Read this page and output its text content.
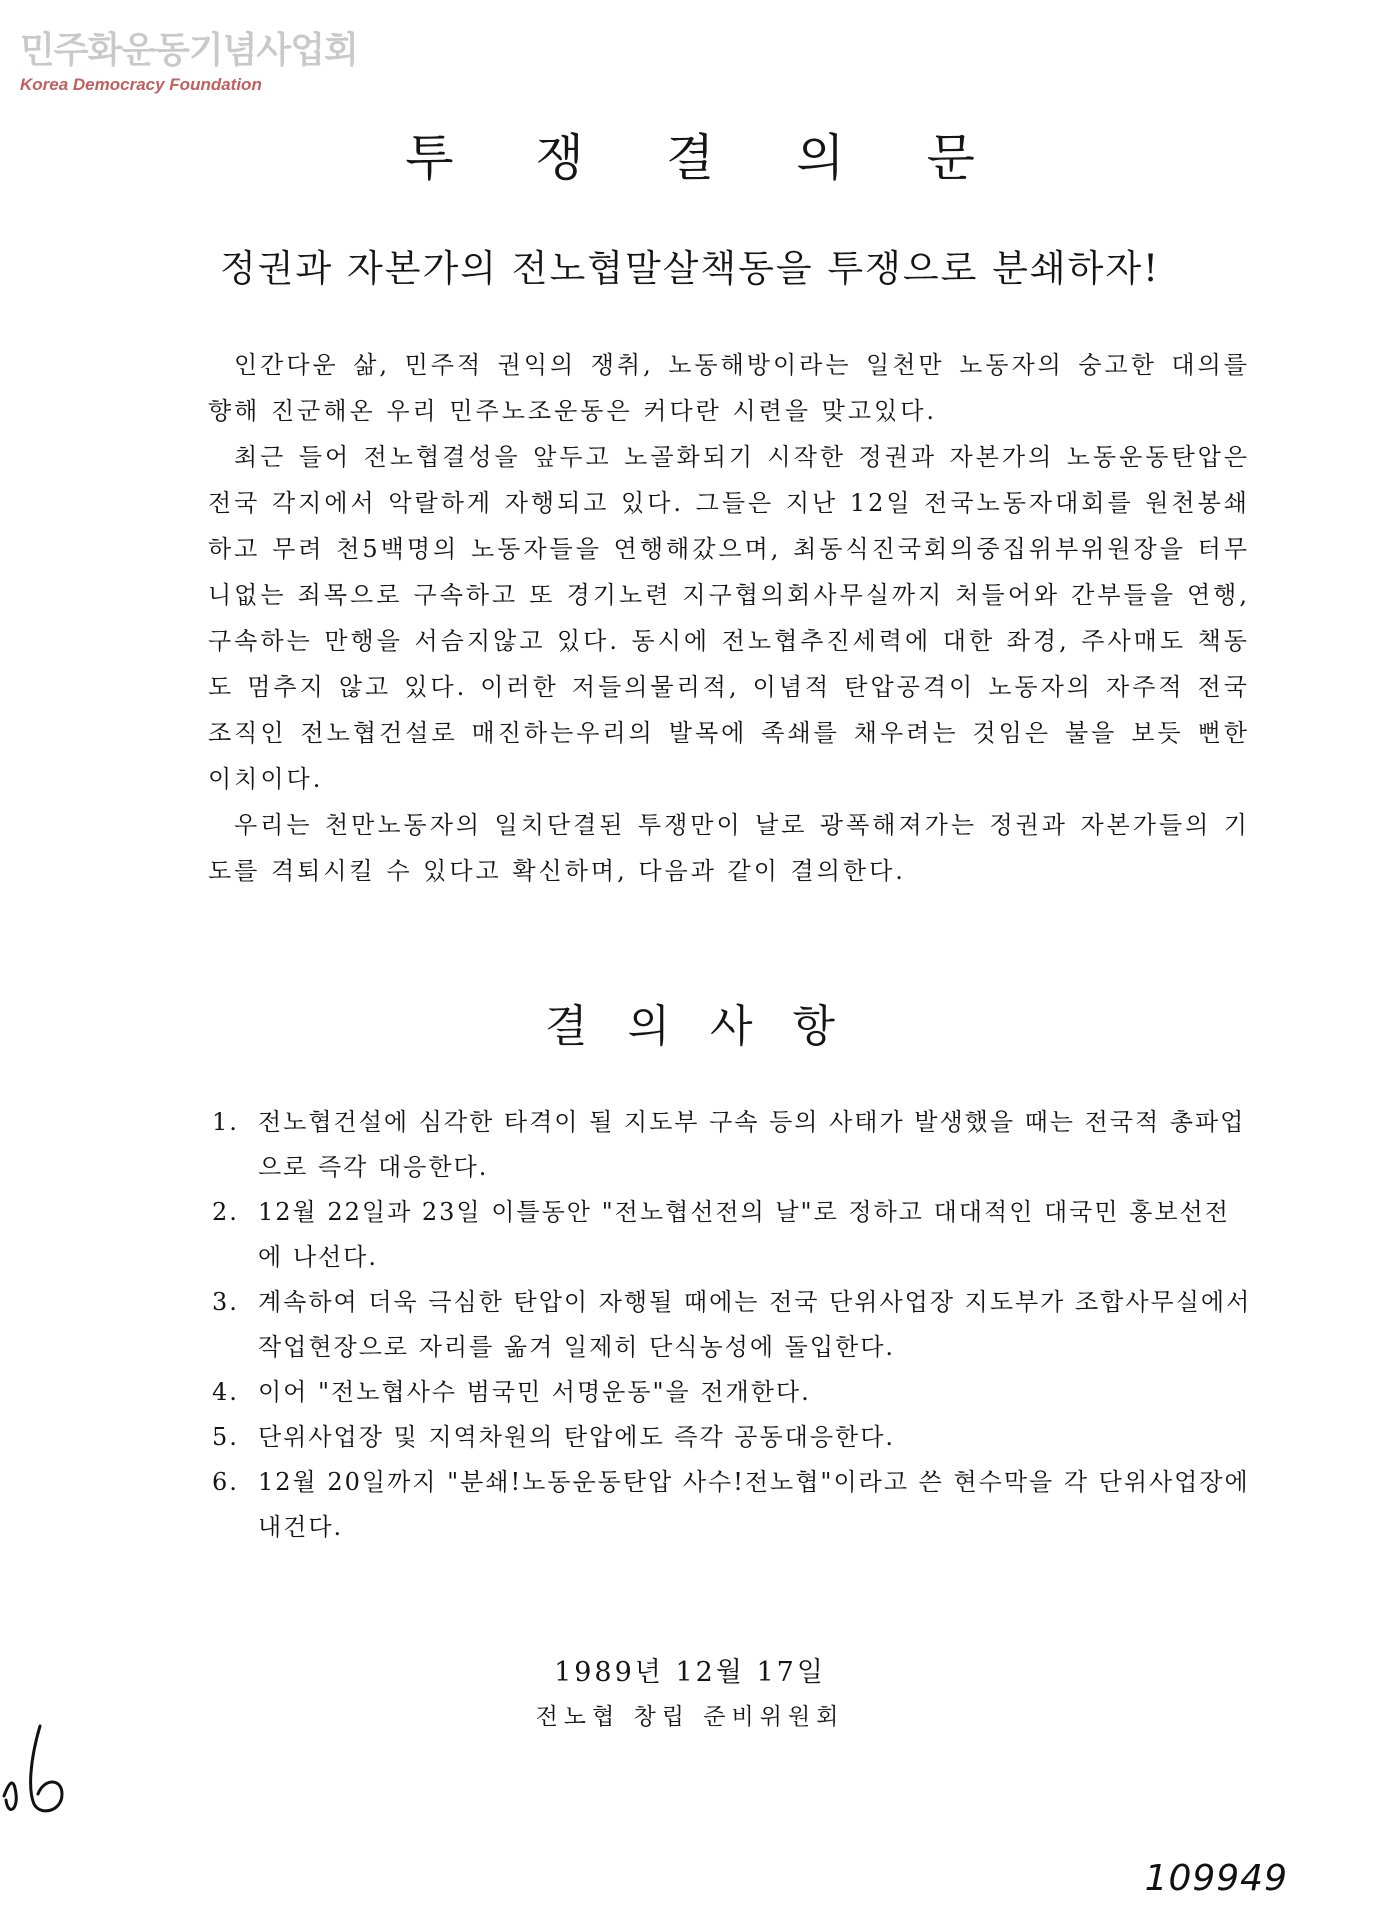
민주화운동기념사업회
Korea Democracy Foundation
투쟁결의문
정권과 자본가의 전노협말살책동을 투쟁으로 분쇄하자!

인간다운 삶, 민주적 권익의 쟁취, 노동해방이라는 일천만 노동자의 숭고한 대의를 향해 진군해온 우리 민주노조운동은 커다란 시련을 맞고있다.

최근 들어 전노협결성을 앞두고 노골화되기 시작한 정권과 자본가의 노동운동탄압은 전국 각지에서 악랄하게 자행되고 있다. 그들은 지난 12일 전국노동자대회를 원천봉쇄하고 무려 천5백명의 노동자들을 연행해갔으며, 최동식진국회의중집위부위원장을 터무니없는 죄목으로 구속하고 또 경기노련 지구협의회사무실까지 처들어와 간부들을 연행, 구속하는 만행을 서슴지않고 있다. 동시에 전노협추진세력에 대한 좌경, 주사매도 책동도 멈추지 않고 있다. 이러한 저들의물리적, 이념적 탄압공격이 노동자의 자주적 전국조직인 전노협건설로 매진하는우리의 발목에 족쇄를 채우려는 것임은 불을 보듯 뻔한 이치이다.

우리는 천만노동자의 일치단결된 투쟁만이 날로 광폭해져가는 정권과 자본가들의 기도를 격퇴시킬 수 있다고 확신하며, 다음과 같이 결의한다.

결의사항
1. 전노협건설에 심각한 타격이 될 지도부 구속 등의 사태가 발생했을 때는 전국적 총파업으로 즉각 대응한다.
2. 12월 22일과 23일 이틀동안 "전노협선전의 날"로 정하고 대대적인 대국민 홍보선전에 나선다.
3. 계속하여 더욱 극심한 탄압이 자행될 때에는 전국 단위사업장 지도부가 조합사무실에서 작업현장으로 자리를 옮겨 일제히 단식농성에 돌입한다.
4. 이어 "전노협사수 범국민 서명운동"을 전개한다.
5. 단위사업장 및 지역차원의 탄압에도 즉각 공동대응한다.
6. 12월 20일까지 "분쇄!노동운동탄압 사수!전노협"이라고 쓴 현수막을 각 단위사업장에 내건다.
1989년 12월 17일
전노협 창립 준비위원회
109949
